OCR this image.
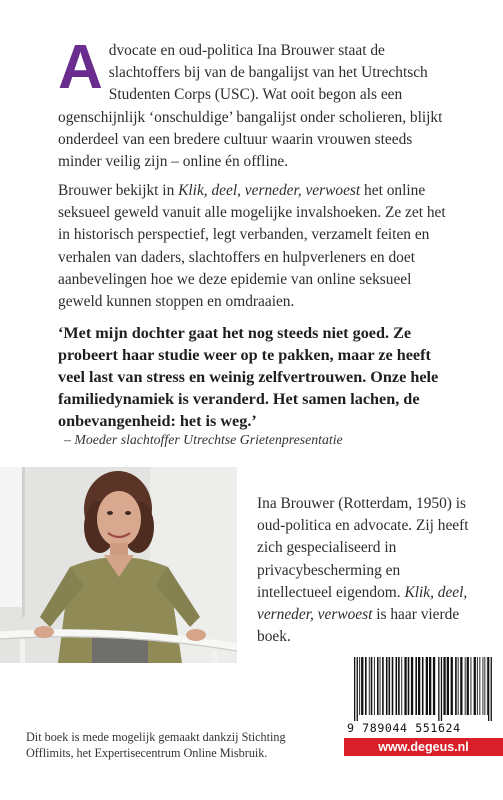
Advocate en oud-politica Ina Brouwer staat de slachtoffers bij van de bangalijst van het Utrechtsch Studenten Corps (USC). Wat ooit begon als een ogenschijnlijk ‘onschuldige’ bangalijst onder scholieren, blijkt onderdeel van een bredere cultuur waarin vrouwen steeds minder veilig zijn – online én offline.
Brouwer bekijkt in Klik, deel, verneder, verwoest het online seksueel geweld vanuit alle mogelijke invalshoeken. Ze zet het in historisch perspectief, legt verbanden, verzamelt feiten en verhalen van daders, slachtoffers en hulpverleners en doet aanbevelingen hoe we deze epidemie van online seksueel geweld kunnen stoppen en omdraaien.
‘Met mijn dochter gaat het nog steeds niet goed. Ze probeert haar studie weer op te pakken, maar ze heeft veel last van stress en weinig zelfvertrouwen. Onze hele familiedynamiek is veranderd. Het samen lachen, de onbevangenheid: het is weg.’
– Moeder slachtoffer Utrechtse Grietenpresentatie
Ina Brouwer (Rotterdam, 1950) is oud-politica en advocate. Zij heeft zich gespecialiseerd in privacybescherming en intellectueel eigendom. Klik, deel, verneder, verwoest is haar vierde boek.
9 789044 551624
www.degeus.nl
Dit boek is mede mogelijk gemaakt dankzij Stichting Offlimits, het Expertisecentrum Online Misbruik.
